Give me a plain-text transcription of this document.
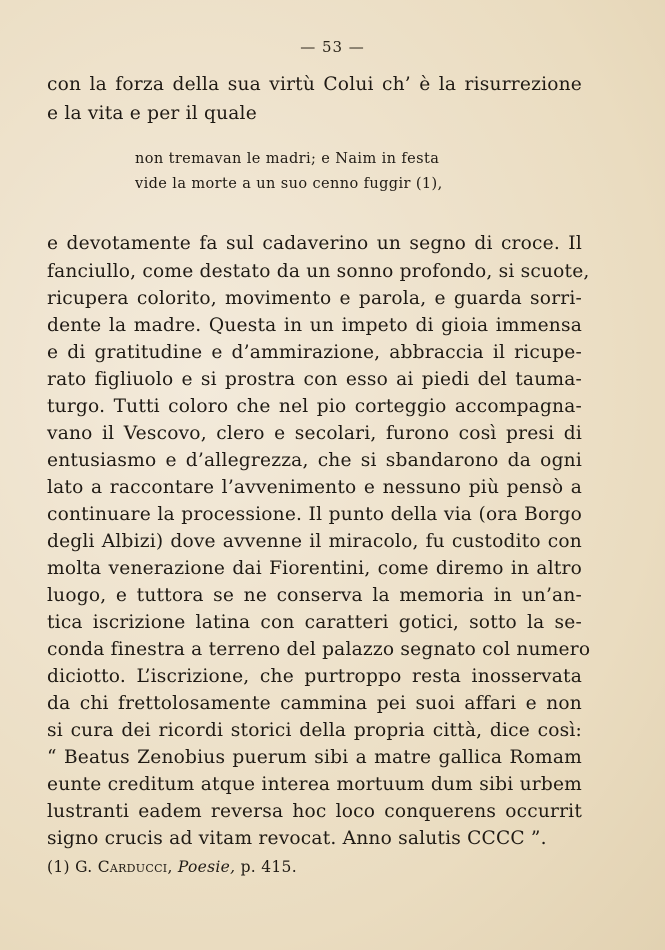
— 53 —
con la forza della sua virtù Colui ch’ è la risurrezione
e la vita e per il quale
non tremavan le madri; e Naim in festa
vide la morte a un suo cenno fuggir (1),
e devotamente fa sul cadaverino un segno di croce. Il
fanciullo, come destato da un sonno profondo, si scuote,
ricupera colorito, movimento e parola, e guarda sorri-
dente la madre. Questa in un impeto di gioia immensa
e di gratitudine e d’ammirazione, abbraccia il ricupe-
rato figliuolo e si prostra con esso ai piedi del tauma-
turgo. Tutti coloro che nel pio corteggio accompagna-
vano il Vescovo, clero e secolari, furono così presi di
entusiasmo e d’allegrezza, che si sbandarono da ogni
lato a raccontare l’avvenimento e nessuno più pensò a
continuare la processione. Il punto della via (ora Borgo
degli Albizi) dove avvenne il miracolo, fu custodito con
molta venerazione dai Fiorentini, come diremo in altro
luogo, e tuttora se ne conserva la memoria in un’an-
tica iscrizione latina con caratteri gotici, sotto la se-
conda finestra a terreno del palazzo segnato col numero
diciotto. L’iscrizione, che purtroppo resta inosservata
da chi frettolosamente cammina pei suoi affari e non
si cura dei ricordi storici della propria città, dice così:
“ Beatus Zenobius puerum sibi a matre gallica Romam
eunte creditum atque interea mortuum dum sibi urbem
lustranti eadem reversa hoc loco conquerens occurrit
signo crucis ad vitam revocat. Anno salutis CCCC ”.
(1) G. Carducci, Poesie, p. 415.
